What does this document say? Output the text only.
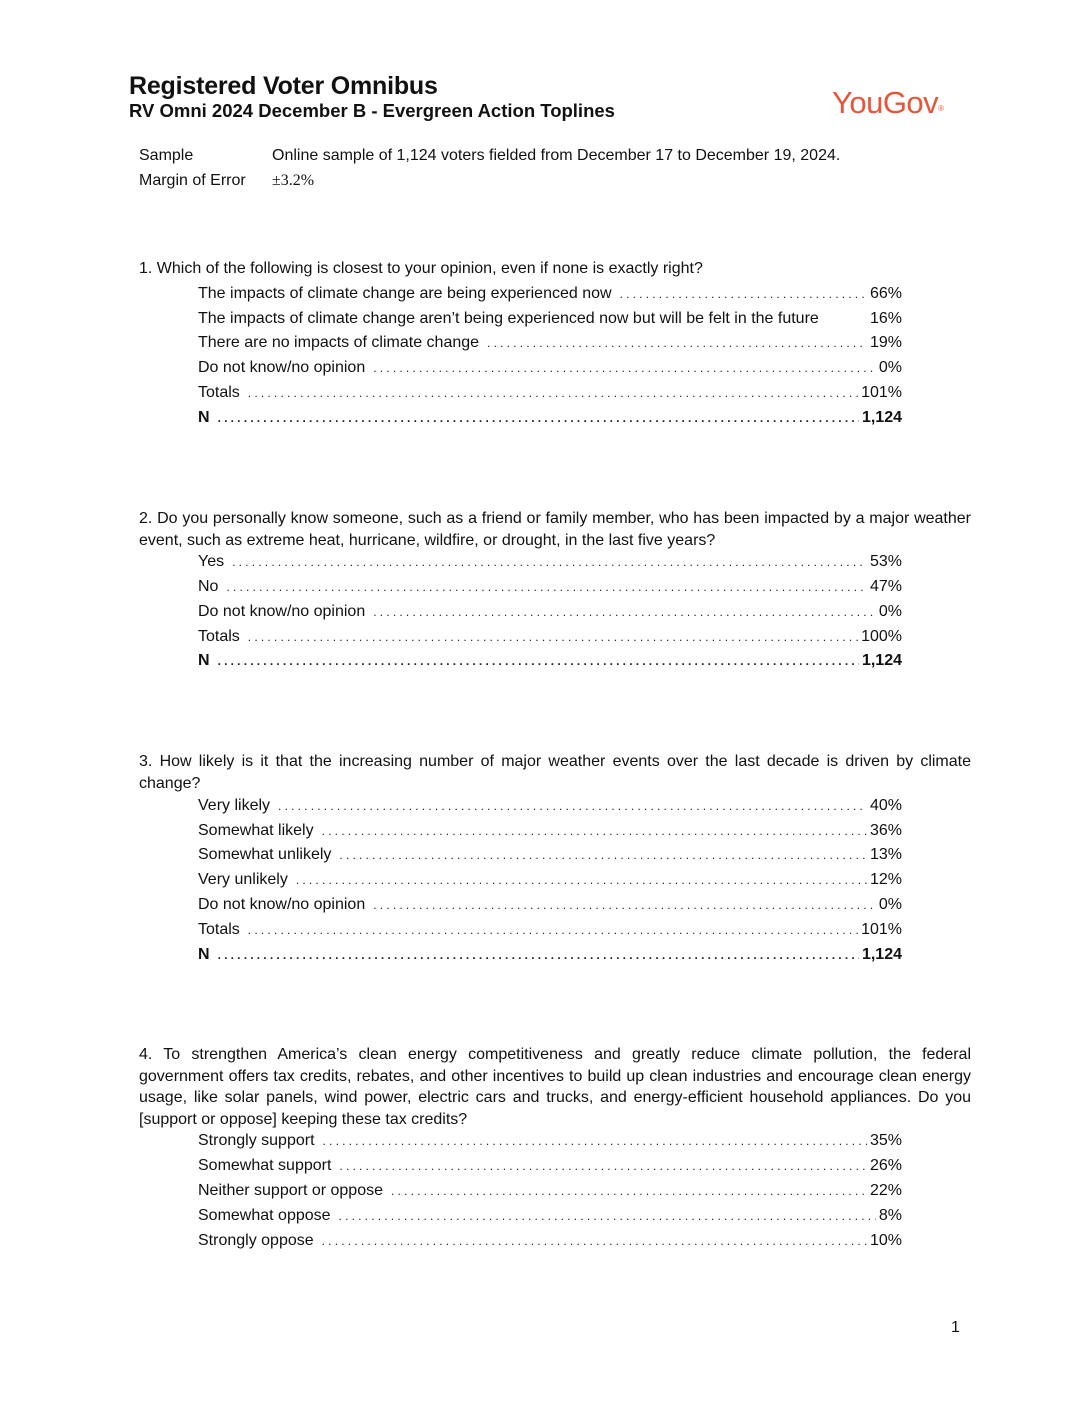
Registered Voter Omnibus
RV Omni 2024 December B - Evergreen Action Toplines	YouGov®
Sample	Online sample of 1,124 voters fielded from December 17 to December 19, 2024.
Margin of Error ±3.2%
1. Which of the following is closest to your opinion, even if none is exactly right?
The impacts of climate change are being experienced now .....	66%
The impacts of climate change aren’t being experienced now but will be felt in the future	16%
There are no impacts of climate change .....	19%
Do not know/no opinion .....	0%
Totals .....	101%
N .....	1,124
2. Do you personally know someone, such as a friend or family member, who has been impacted by a major weather event, such as extreme heat, hurricane, wildfire, or drought, in the last five years?
Yes .....	53%
No .....	47%
Do not know/no opinion .....	0%
Totals .....	100%
N .....	1,124
3. How likely is it that the increasing number of major weather events over the last decade is driven by climate change?
Very likely .....	40%
Somewhat likely .....	36%
Somewhat unlikely .....	13%
Very unlikely .....	12%
Do not know/no opinion .....	0%
Totals .....	101%
N .....	1,124
4. To strengthen America’s clean energy competitiveness and greatly reduce climate pollution, the federal government offers tax credits, rebates, and other incentives to build up clean industries and encourage clean energy usage, like solar panels, wind power, electric cars and trucks, and energy-efficient household appliances. Do you [support or oppose] keeping these tax credits?
Strongly support .....	35%
Somewhat support .....	26%
Neither support or oppose .....	22%
Somewhat oppose .....	8%
Strongly oppose .....	10%
1
